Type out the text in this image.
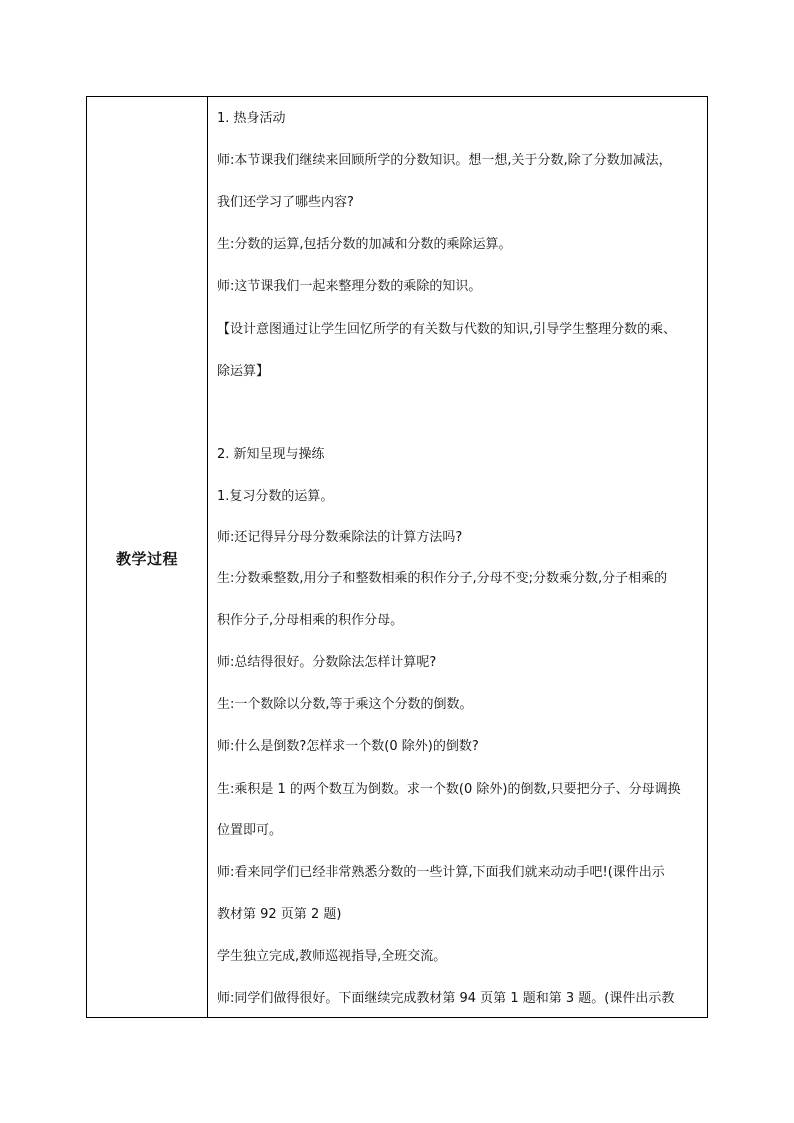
教学过程
1. 热身活动
师:本节课我们继续来回顾所学的分数知识。想一想,关于分数,除了分数加减法，
我们还学习了哪些内容?
生:分数的运算,包括分数的加减和分数的乘除运算。
师:这节课我们一起来整理分数的乘除的知识。
【设计意图通过让学生回忆所学的有关数与代数的知识,引导学生整理分数的乘、
除运算】
2. 新知呈现与操练
1.复习分数的运算。
师:还记得异分母分数乘除法的计算方法吗?
生:分数乘整数,用分子和整数相乘的积作分子,分母不变;分数乘分数,分子相乘的
积作分子,分母相乘的积作分母。
师:总结得很好。分数除法怎样计算呢?
生:一个数除以分数,等于乘这个分数的倒数。
师:什么是倒数?怎样求一个数(0 除外)的倒数?
生:乘积是 1 的两个数互为倒数。求一个数(0 除外)的倒数,只要把分子、分母调换
位置即可。
师:看来同学们已经非常熟悉分数的一些计算,下面我们就来动动手吧!(课件出示
教材第 92 页第 2 题)
学生独立完成,教师巡视指导,全班交流。
师:同学们做得很好。下面继续完成教材第 94 页第 1 题和第 3 题。(课件出示教
